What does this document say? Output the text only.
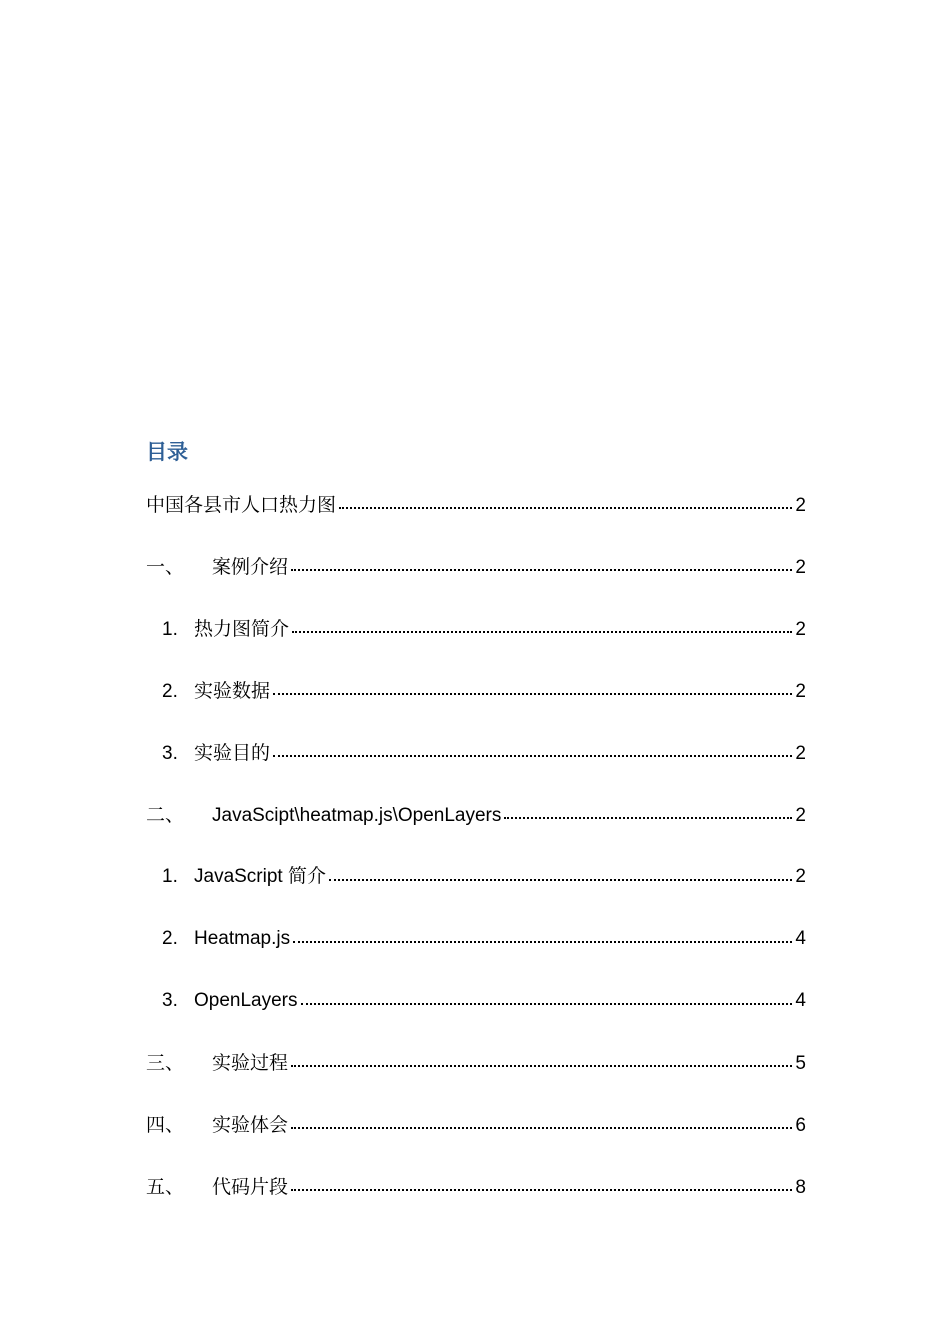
目录
中国各县市人口热力图	2
一、	案例介绍	2
1. 热力图简介	2
2. 实验数据	2
3. 实验目的	2
二、	JavaScipt\heatmap.js\OpenLayers	2
1. JavaScript 简介	2
2. Heatmap.js	4
3. OpenLayers	4
三、	实验过程	5
四、	实验体会	6
五、	代码片段	8
